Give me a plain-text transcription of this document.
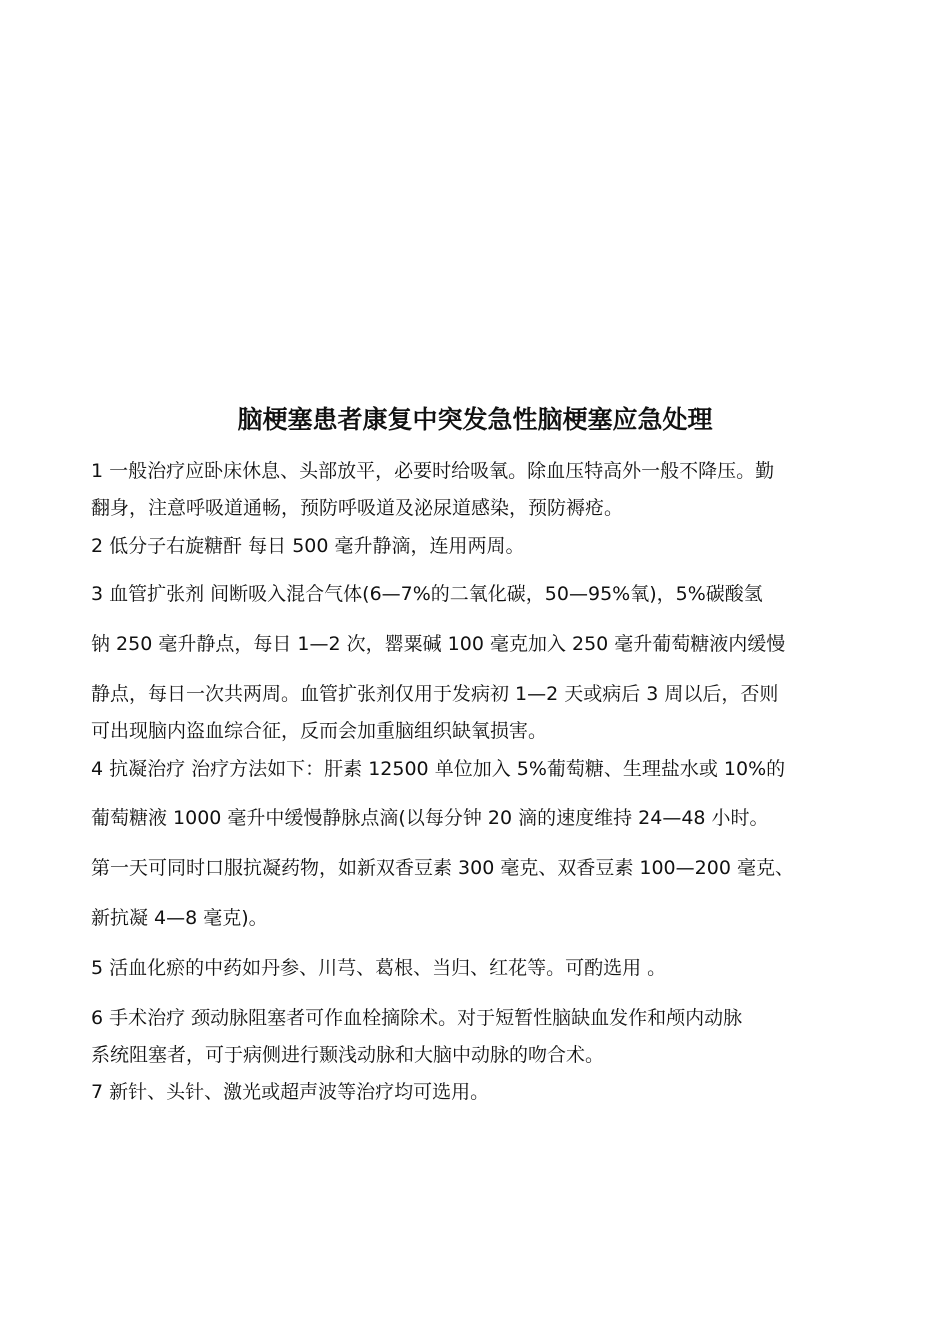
脑梗塞患者康复中突发急性脑梗塞应急处理
1 一般治疗应卧床休息、头部放平，必要时给吸氧。除血压特高外一般不降压。勤
翻身，注意呼吸道通畅，预防呼吸道及泌尿道感染，预防褥疮。
2 低分子右旋糖酐 每日 500 毫升静滴，连用两周。
3 血管扩张剂 间断吸入混合气体(6—7%的二氧化碳，50—95%氧)，5%碳酸氢
钠 250 毫升静点，每日 1—2 次，罂粟碱 100 毫克加入 250 毫升葡萄糖液内缓慢
静点，每日一次共两周。血管扩张剂仅用于发病初 1—2 天或病后 3 周以后，否则
可出现脑内盗血综合征，反而会加重脑组织缺氧损害。
4 抗凝治疗 治疗方法如下：肝素 12500 单位加入 5%葡萄糖、生理盐水或 10%的
葡萄糖液 1000 毫升中缓慢静脉点滴(以每分钟 20 滴的速度维持 24—48 小时。
第一天可同时口服抗凝药物，如新双香豆素 300 毫克、双香豆素 100—200 毫克、
新抗凝 4—8 毫克)。
5 活血化瘀的中药如丹参、川芎、葛根、当归、红花等。可酌选用 。
6 手术治疗 颈动脉阻塞者可作血栓摘除术。对于短暂性脑缺血发作和颅内动脉
系统阻塞者，可于病侧进行颞浅动脉和大脑中动脉的吻合术。
7 新针、头针、激光或超声波等治疗均可选用。
